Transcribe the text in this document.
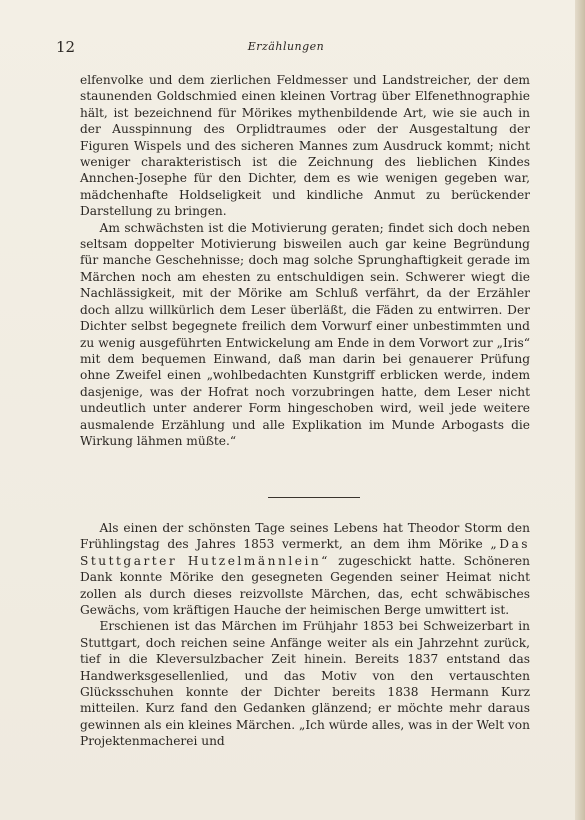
12	Erzählungen

elfenvolke und dem zierlichen Feldmesser und Landstreicher, der dem staunenden Goldschmied einen kleinen Vortrag über Elfenethnographie hält, ist bezeichnend für Mörikes mythenbildende Art, wie sie auch in der Ausspinnung des Orplidtraumes oder der Ausgestaltung der Figuren Wispels und des sicheren Mannes zum Ausdruck kommt; nicht weniger charakteristisch ist die Zeichnung des lieblichen Kindes Annchen-Josephe für den Dichter, dem es wie wenigen gegeben war, mädchenhafte Holdseligkeit und kindliche Anmut zu berückender Darstellung zu bringen.

Am schwächsten ist die Motivierung geraten; findet sich doch neben seltsam doppelter Motivierung bisweilen auch gar keine Begründung für manche Geschehnisse; doch mag solche Sprunghaftigkeit gerade im Märchen noch am ehesten zu entschuldigen sein. Schwerer wiegt die Nachlässigkeit, mit der Mörike am Schluß verfährt, da der Erzähler doch allzu willkürlich dem Leser überläßt, die Fäden zu entwirren. Der Dichter selbst begegnete freilich dem Vorwurf einer unbestimmten und zu wenig ausgeführten Entwickelung am Ende in dem Vorwort zur „Iris“ mit dem bequemen Einwand, daß man darin bei genauerer Prüfung ohne Zweifel einen „wohlbedachten Kunstgriff erblicken werde, indem dasjenige, was der Hofrat noch vorzubringen hatte, dem Leser nicht undeutlich unter anderer Form hingeschoben wird, weil jede weitere ausmalende Erzählung und alle Explikation im Munde Arbogasts die Wirkung lähmen müßte.“

Als einen der schönsten Tage seines Lebens hat Theodor Storm den Frühlingstag des Jahres 1853 vermerkt, an dem ihm Mörike „Das Stuttgarter Hutzelmännlein“ zugeschickt hatte. Schöneren Dank konnte Mörike den gesegneten Gegenden seiner Heimat nicht zollen als durch dieses reizvollste Märchen, das, echt schwäbisches Gewächs, vom kräftigen Hauche der heimischen Berge umwittert ist.

Erschienen ist das Märchen im Frühjahr 1853 bei Schweizerbart in Stuttgart, doch reichen seine Anfänge weiter als ein Jahrzehnt zurück, tief in die Kleversulzbacher Zeit hinein. Bereits 1837 entstand das Handwerksgesellenlied, und das Motiv von den vertauschten Glücksschuhen konnte der Dichter bereits 1838 Hermann Kurz mitteilen. Kurz fand den Gedanken glänzend; er möchte mehr daraus gewinnen als ein kleines Märchen. „Ich würde alles, was in der Welt von Projektenmacherei und
